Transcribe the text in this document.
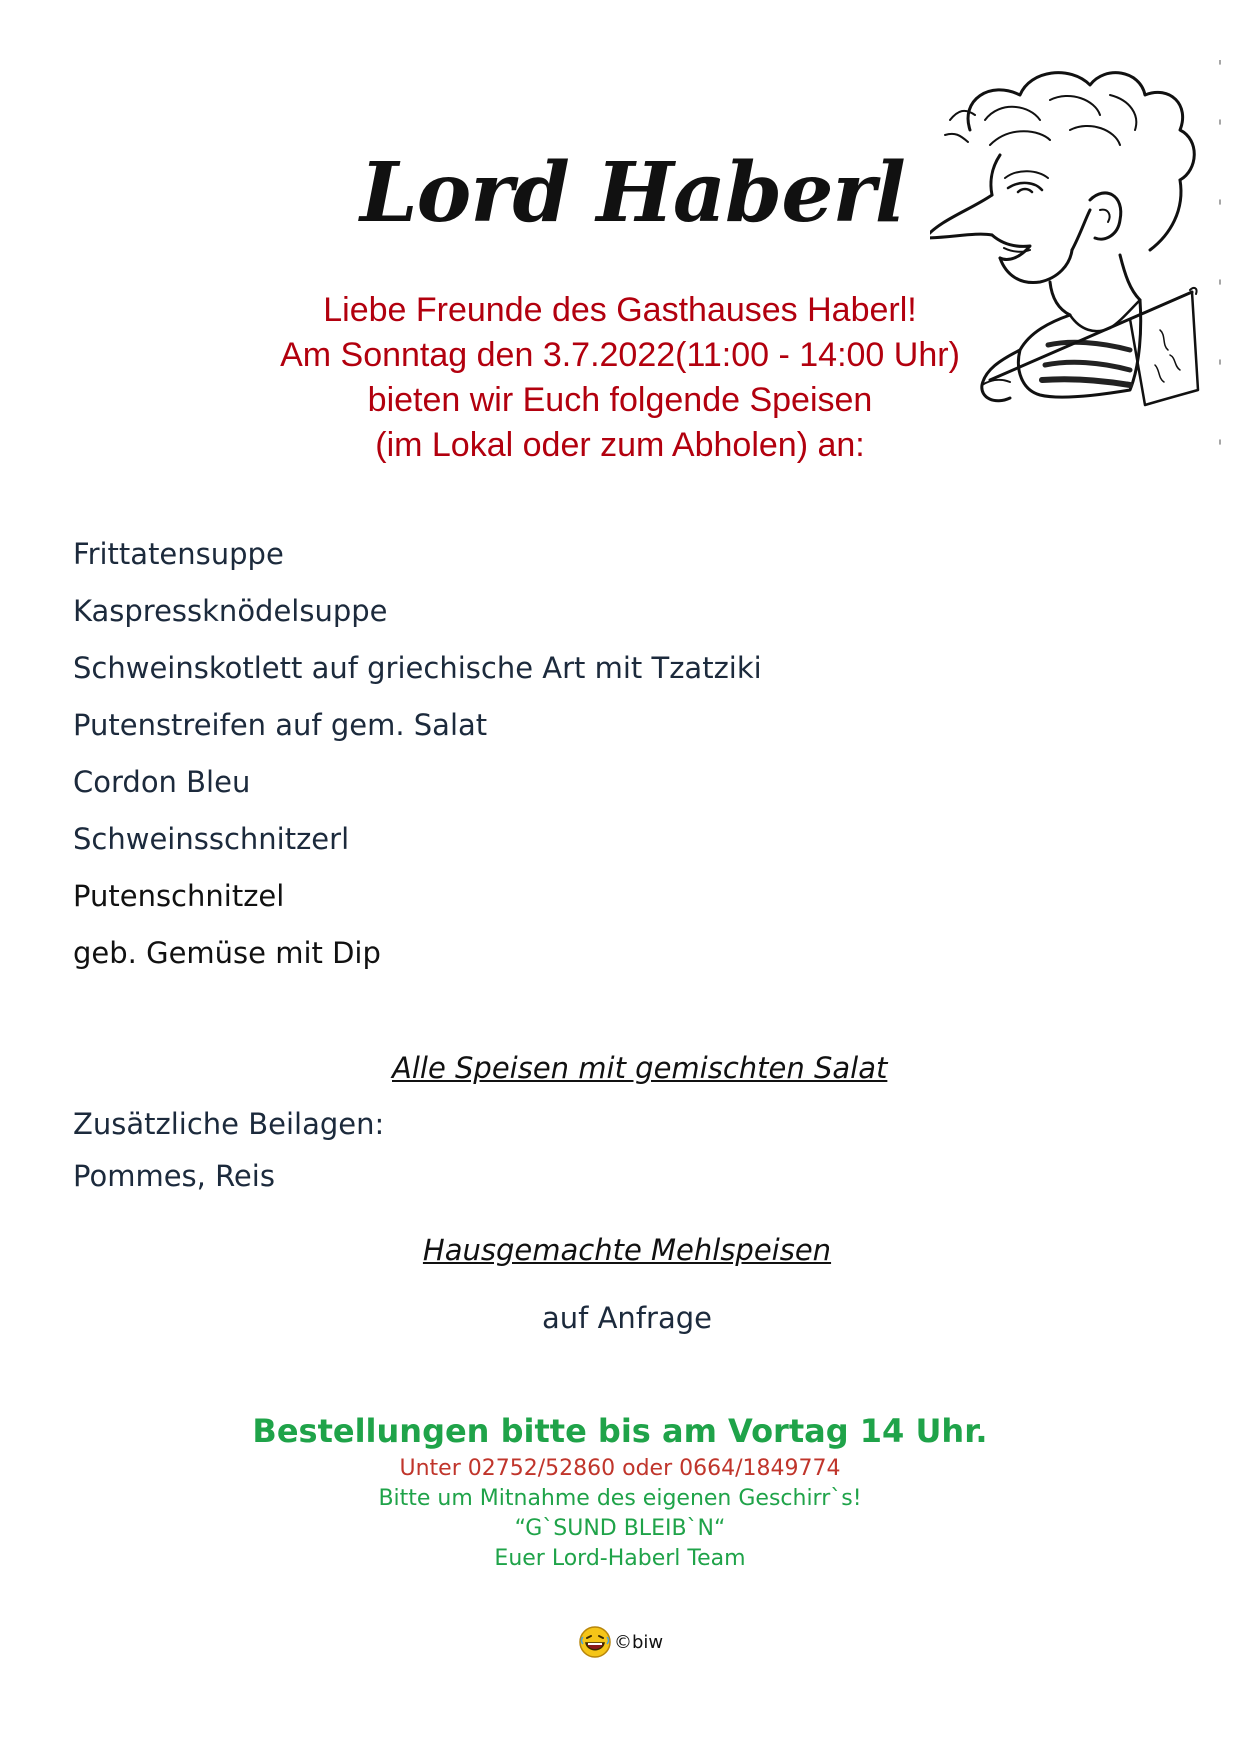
Lord Haberl
Liebe Freunde des Gasthauses Haberl!
Am Sonntag den 3.7.2022(11:00 - 14:00 Uhr)
bieten wir Euch folgende Speisen
(im Lokal oder zum Abholen) an:
Frittatensuppe
Kaspressknödelsuppe
Schweinskotlett auf griechische Art mit Tzatziki
Putenstreifen auf gem. Salat
Cordon Bleu
Schweinsschnitzerl
Putenschnitzel
geb. Gemüse mit Dip
Alle Speisen mit gemischten Salat
Zusätzliche Beilagen:
Pommes, Reis
Hausgemachte Mehlspeisen
auf Anfrage
Bestellungen bitte bis am Vortag 14 Uhr.
Unter 02752/52860 oder 0664/1849774
Bitte um Mitnahme des eigenen Geschirr`s!
“G`SUND BLEIB`N“
Euer Lord-Haberl Team
©biw
